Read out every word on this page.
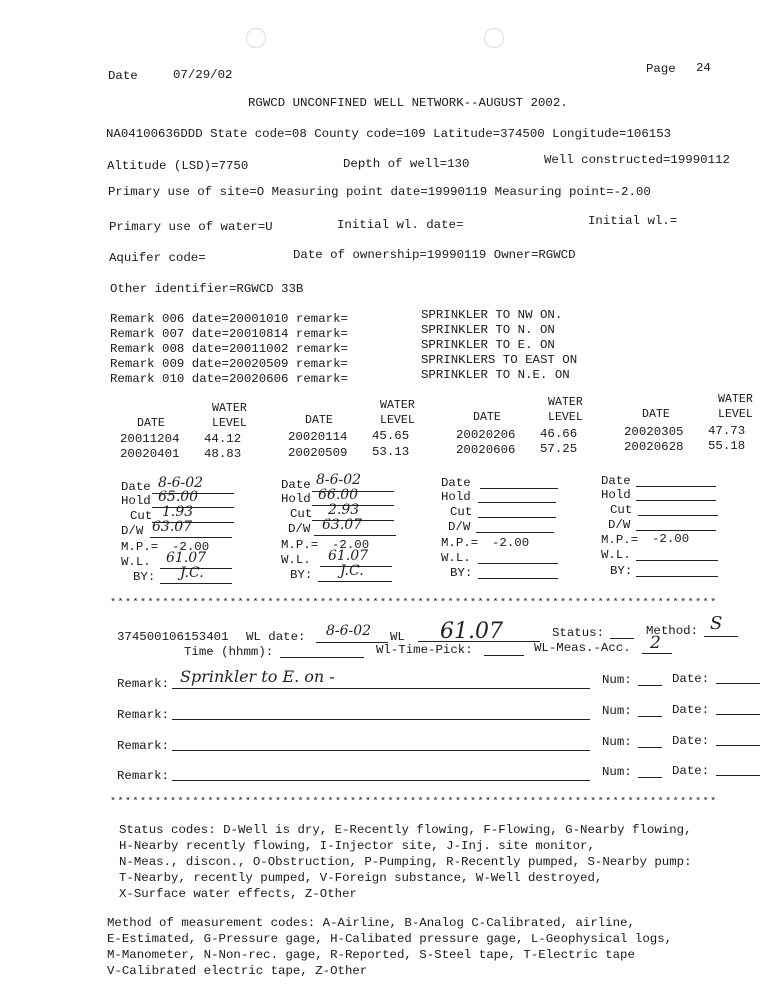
Date	07/29/02	Page 24
RGWCD UNCONFINED WELL NETWORK--AUGUST 2002.
NA04100636DDD State code=08 County code=109 Latitude=374500 Longitude=106153
Altitude (LSD)=7750	Depth of well=130	Well constructed=19990112
Primary use of site=O Measuring point date=19990119 Measuring point=-2.00
Primary use of water=U	Initial wl. date=	Initial wl.=
Aquifer code=	Date of ownership=19990119 Owner=RGWCD
Other identifier=RGWCD 33B
Remark 006 date=20001010 remark=	SPRINKLER TO NW ON.
Remark 007 date=20010814 remark=	SPRINKLER TO N. ON
Remark 008 date=20011002 remark=	SPRINKLER TO E. ON
Remark 009 date=20020509 remark=	SPRINKLERS TO EAST ON
Remark 010 date=20020606 remark=	SPRINKLER TO N.E. ON
WATER	WATER	WATER	WATER
DATE	LEVEL	DATE	LEVEL	DATE	LEVEL	DATE	LEVEL
20011204 44.12	20020114 45.65	20020206 46.66	20020305 47.73
20020401 48.83	20020509 53.13	20020606 57.25	20020628 55.18
Date 8-6-02
Hold 65.00
Cut 1.93
D/W 63.07
M.P.= -2.00
W.L. 61.07
BY: J.C.
Date 8-6-02
Hold 66.00
Cut 2.93
D/W 63.07
M.P.= -2.00
W.L. 61.07
BY: J.C.
Date
Hold
Cut
D/W
M.P.= -2.00
W.L.
BY:
Date
Hold
Cut
D/W
M.P.= -2.00
W.L.
BY:
*********************************************************************************
374500106153401 WL date: 8-6-02 WL 61.07	Status:	Method: S
Time (hhmm):	Wl-Time-Pick:	WL-Meas.-Acc. 2
Remark: Sprinkler to E. on -	Num:	Date:
Remark:	Num:	Date:
Remark:	Num:	Date:
Remark:	Num:	Date:
*********************************************************************************
Status codes: D-Well is dry, E-Recently flowing, F-Flowing, G-Nearby flowing,
H-Nearby recently flowing, I-Injector site, J-Inj. site monitor,
N-Meas., discon., O-Obstruction, P-Pumping, R-Recently pumped, S-Nearby pump:
T-Nearby, recently pumped, V-Foreign substance, W-Well destroyed,
X-Surface water effects, Z-Other
Method of measurement codes: A-Airline, B-Analog C-Calibrated, airline,
E-Estimated, G-Pressure gage, H-Calibated pressure gage, L-Geophysical logs,
M-Manometer, N-Non-rec. gage, R-Reported, S-Steel tape, T-Electric tape
V-Calibrated electric tape, Z-Other
